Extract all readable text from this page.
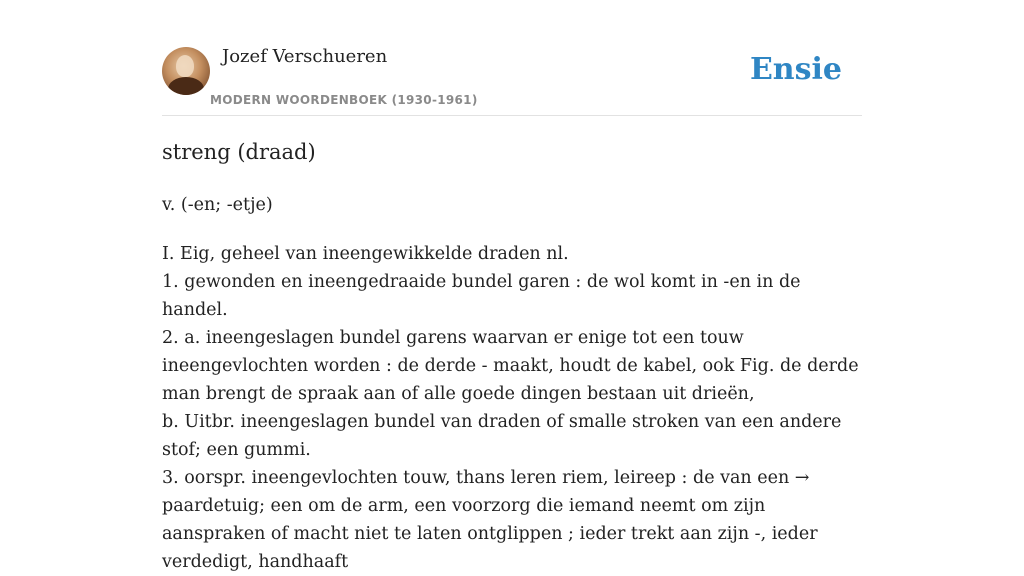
Jozef Verschueren
MODERN WOORDENBOEK (1930-1961)
Ensie
streng (draad)
v. (-en; -etje)

I. Eig, geheel van ineengewikkelde draden nl.

1. gewonden en ineengedraaide bundel garen : de wol komt in -en in de handel.

2. a. ineengeslagen bundel garens waarvan er enige tot een touw ineengevlochten worden : de derde - maakt, houdt de kabel, ook Fig. de derde man brengt de spraak aan of alle goede dingen bestaan uit drieën,

b. Uitbr. ineengeslagen bundel van draden of smalle stroken van een andere stof; een gummi.

3. oorspr. ineengevlochten touw, thans leren riem, leireep : de van een → paardetuig; een om de arm, een voorzorg die iemand neemt om zijn aanspraken of macht niet te laten ontglippen ; ieder trekt aan zijn -, ieder verdedigt, handhaaft
